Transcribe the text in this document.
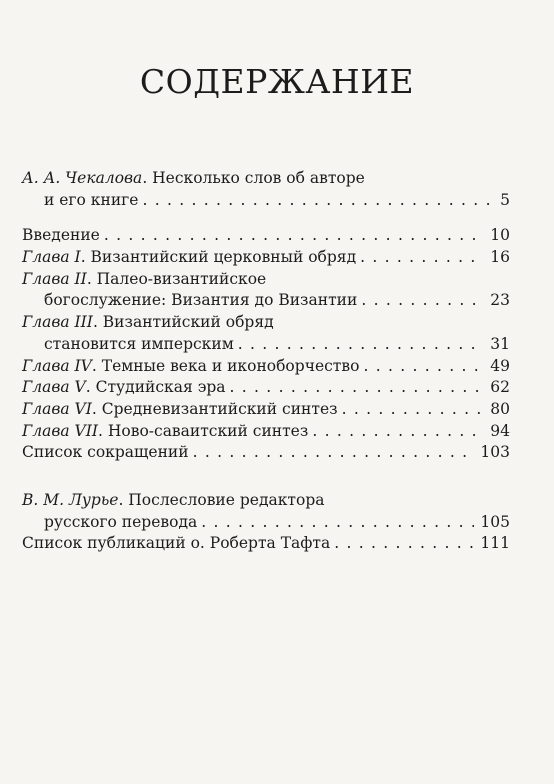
СОДЕРЖАНИЕ
А. А. Чекалова. Несколько слов об авторе
и его книге . . .	5
Введение . . .	10
Глава I. Византийский церковный обряд . . .	16
Глава II. Палео-византийское
богослужение: Византия до Византии . . .	23
Глава III. Византийский обряд
становится имперским . . .	31
Глава IV. Темные века и иконоборчество . . .	49
Глава V. Студийская эра . . .	62
Глава VI. Средневизантийский синтез . . .	80
Глава VII. Ново-саваитский синтез . . .	94
Список сокращений . . .	103
В. М. Лурье. Послесловие редактора
русского перевода . . .	105
Список публикаций о. Роберта Тафта . . .	111
